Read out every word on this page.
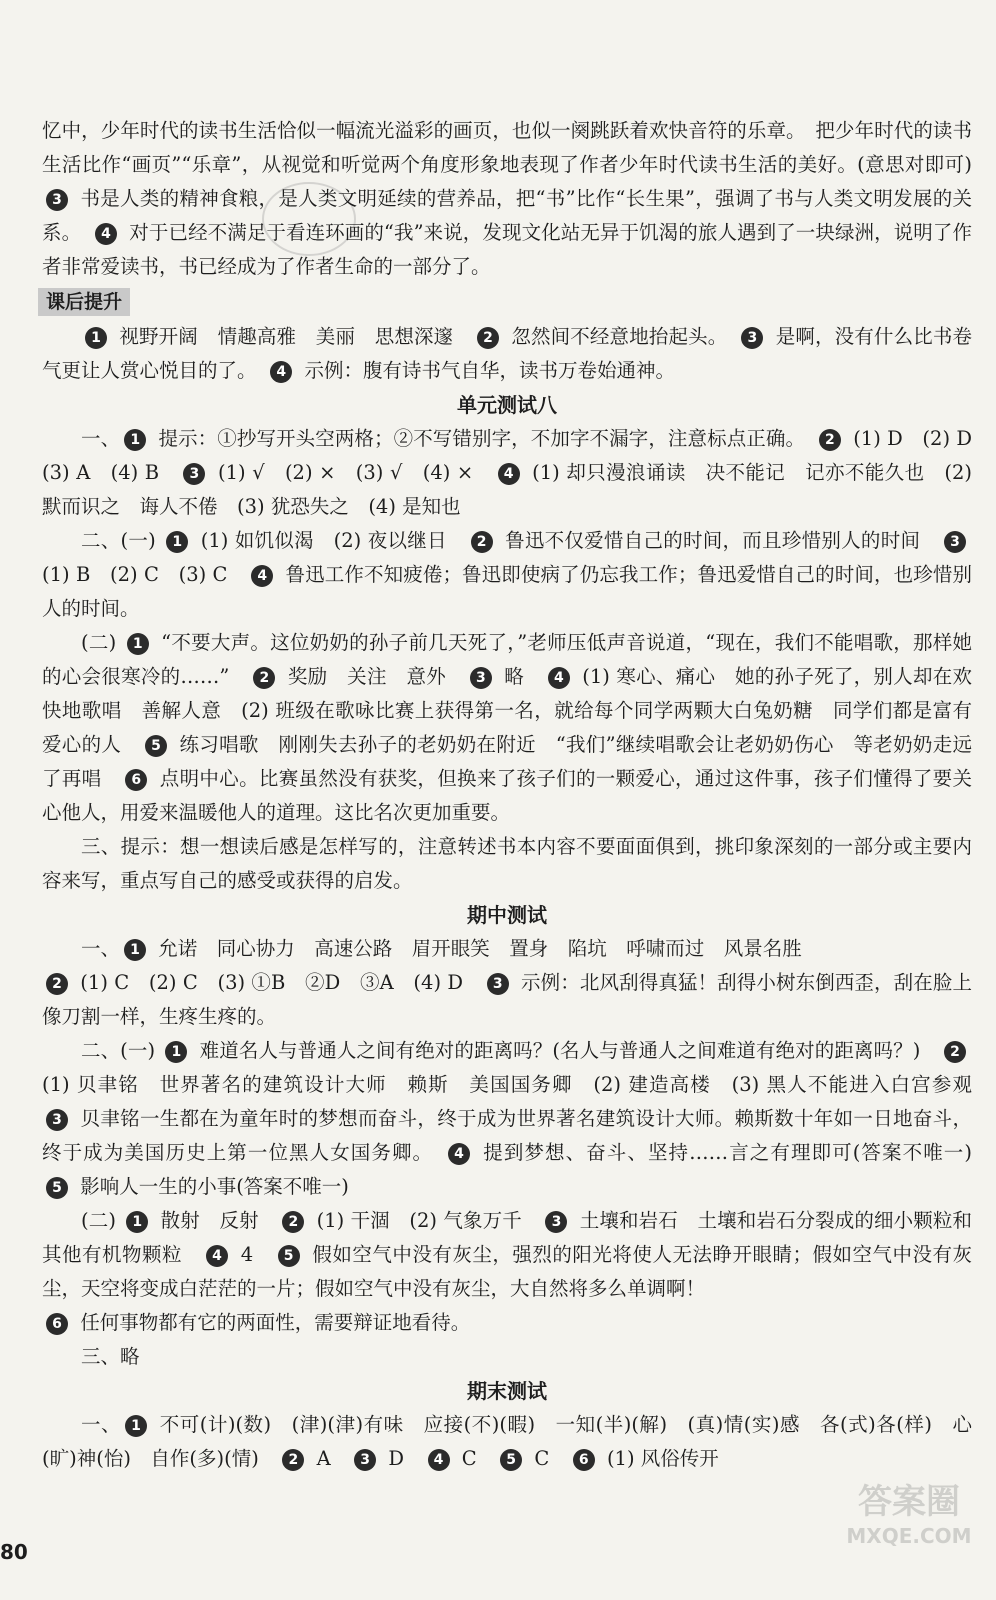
忆中，少年时代的读书生活恰似一幅流光溢彩的画页，也似一阕跳跃着欢快音符的乐章。　把少年时代的读书生活比作“画页”“乐章”，从视觉和听觉两个角度形象地表现了作者少年时代读书生活的美好。(意思对即可)　3 书是人类的精神食粮，是人类文明延续的营养品，把“书”比作“长生果”，强调了书与人类文明发展的关系。　4 对于已经不满足于看连环画的“我”来说，发现文化站无异于饥渴的旅人遇到了一块绿洲，说明了作者非常爱读书，书已经成为了作者生命的一部分了。

课后提升

1 视野开阔　情趣高雅　美丽　思想深邃　2 忽然间不经意地抬起头。　3 是啊，没有什么比书卷气更让人赏心悦目的了。　4 示例：腹有诗书气自华，读书万卷始通神。

单元测试八

一、 1 提示：①抄写开头空两格；②不写错别字，不加字不漏字，注意标点正确。　2 (1) D　(2) D　(3) A　(4) B　3 (1) √　(2) ×　(3) √　(4) ×　4 (1) 却只漫浪诵读　决不能记　记亦不能久也　(2) 默而识之　诲人不倦　(3) 犹恐失之　(4) 是知也

二、(一) 1 (1) 如饥似渴　(2) 夜以继日　2 鲁迅不仅爱惜自己的时间，而且珍惜别人的时间　3 (1) B　(2) C　(3) C　4 鲁迅工作不知疲倦；鲁迅即使病了仍忘我工作；鲁迅爱惜自己的时间，也珍惜别人的时间。

(二) 1 “不要大声。这位奶奶的孙子前几天死了，”老师压低声音说道，“现在，我们不能唱歌，那样她的心会很寒冷的……”　2 奖励　关注　意外　3 略　4 (1) 寒心、痛心　她的孙子死了，别人却在欢快地歌唱　善解人意　(2) 班级在歌咏比赛上获得第一名，就给每个同学两颗大白兔奶糖　同学们都是富有爱心的人　5 练习唱歌　刚刚失去孙子的老奶奶在附近　“我们”继续唱歌会让老奶奶伤心　等老奶奶走远了再唱　6 点明中心。比赛虽然没有获奖，但换来了孩子们的一颗爱心，通过这件事，孩子们懂得了要关心他人，用爱来温暖他人的道理。这比名次更加重要。

三、提示：想一想读后感是怎样写的，注意转述书本内容不要面面俱到，挑印象深刻的一部分或主要内容来写，重点写自己的感受或获得的启发。

期中测试

一、 1 允诺　同心协力　高速公路　眉开眼笑　置身　陷坑　呼啸而过　风景名胜

2 (1) C　(2) C　(3) ①B　②D　③A　(4) D　3 示例：北风刮得真猛！刮得小树东倒西歪，刮在脸上像刀割一样，生疼生疼的。

二、(一) 1 难道名人与普通人之间有绝对的距离吗？(名人与普通人之间难道有绝对的距离吗？)　2 (1) 贝聿铭　世界著名的建筑设计大师　赖斯　美国国务卿　(2) 建造高楼　(3) 黑人不能进入白宫参观　3 贝聿铭一生都在为童年时的梦想而奋斗，终于成为世界著名建筑设计大师。赖斯数十年如一日地奋斗，终于成为美国历史上第一位黑人女国务卿。　4 提到梦想、奋斗、坚持……言之有理即可(答案不唯一)　5 影响人一生的小事(答案不唯一)

(二) 1 散射　反射　2 (1) 干涸　(2) 气象万千　3 土壤和岩石　土壤和岩石分裂成的细小颗粒和其他有机物颗粒　4 4　5 假如空气中没有灰尘，强烈的阳光将使人无法睁开眼睛；假如空气中没有灰尘，天空将变成白茫茫的一片；假如空气中没有灰尘，大自然将多么单调啊！

6 任何事物都有它的两面性，需要辩证地看待。

三、略

期末测试

一、 1 不可(计)(数)　(津)(津)有味　应接(不)(暇)　一知(半)(解)　(真)情(实)感　各(式)各(样)　心(旷)神(怡)　自作(多)(情)　2 A　3 D　4 C　5 C　6 (1) 风俗传开

80
答案圈
MXQE.COM
